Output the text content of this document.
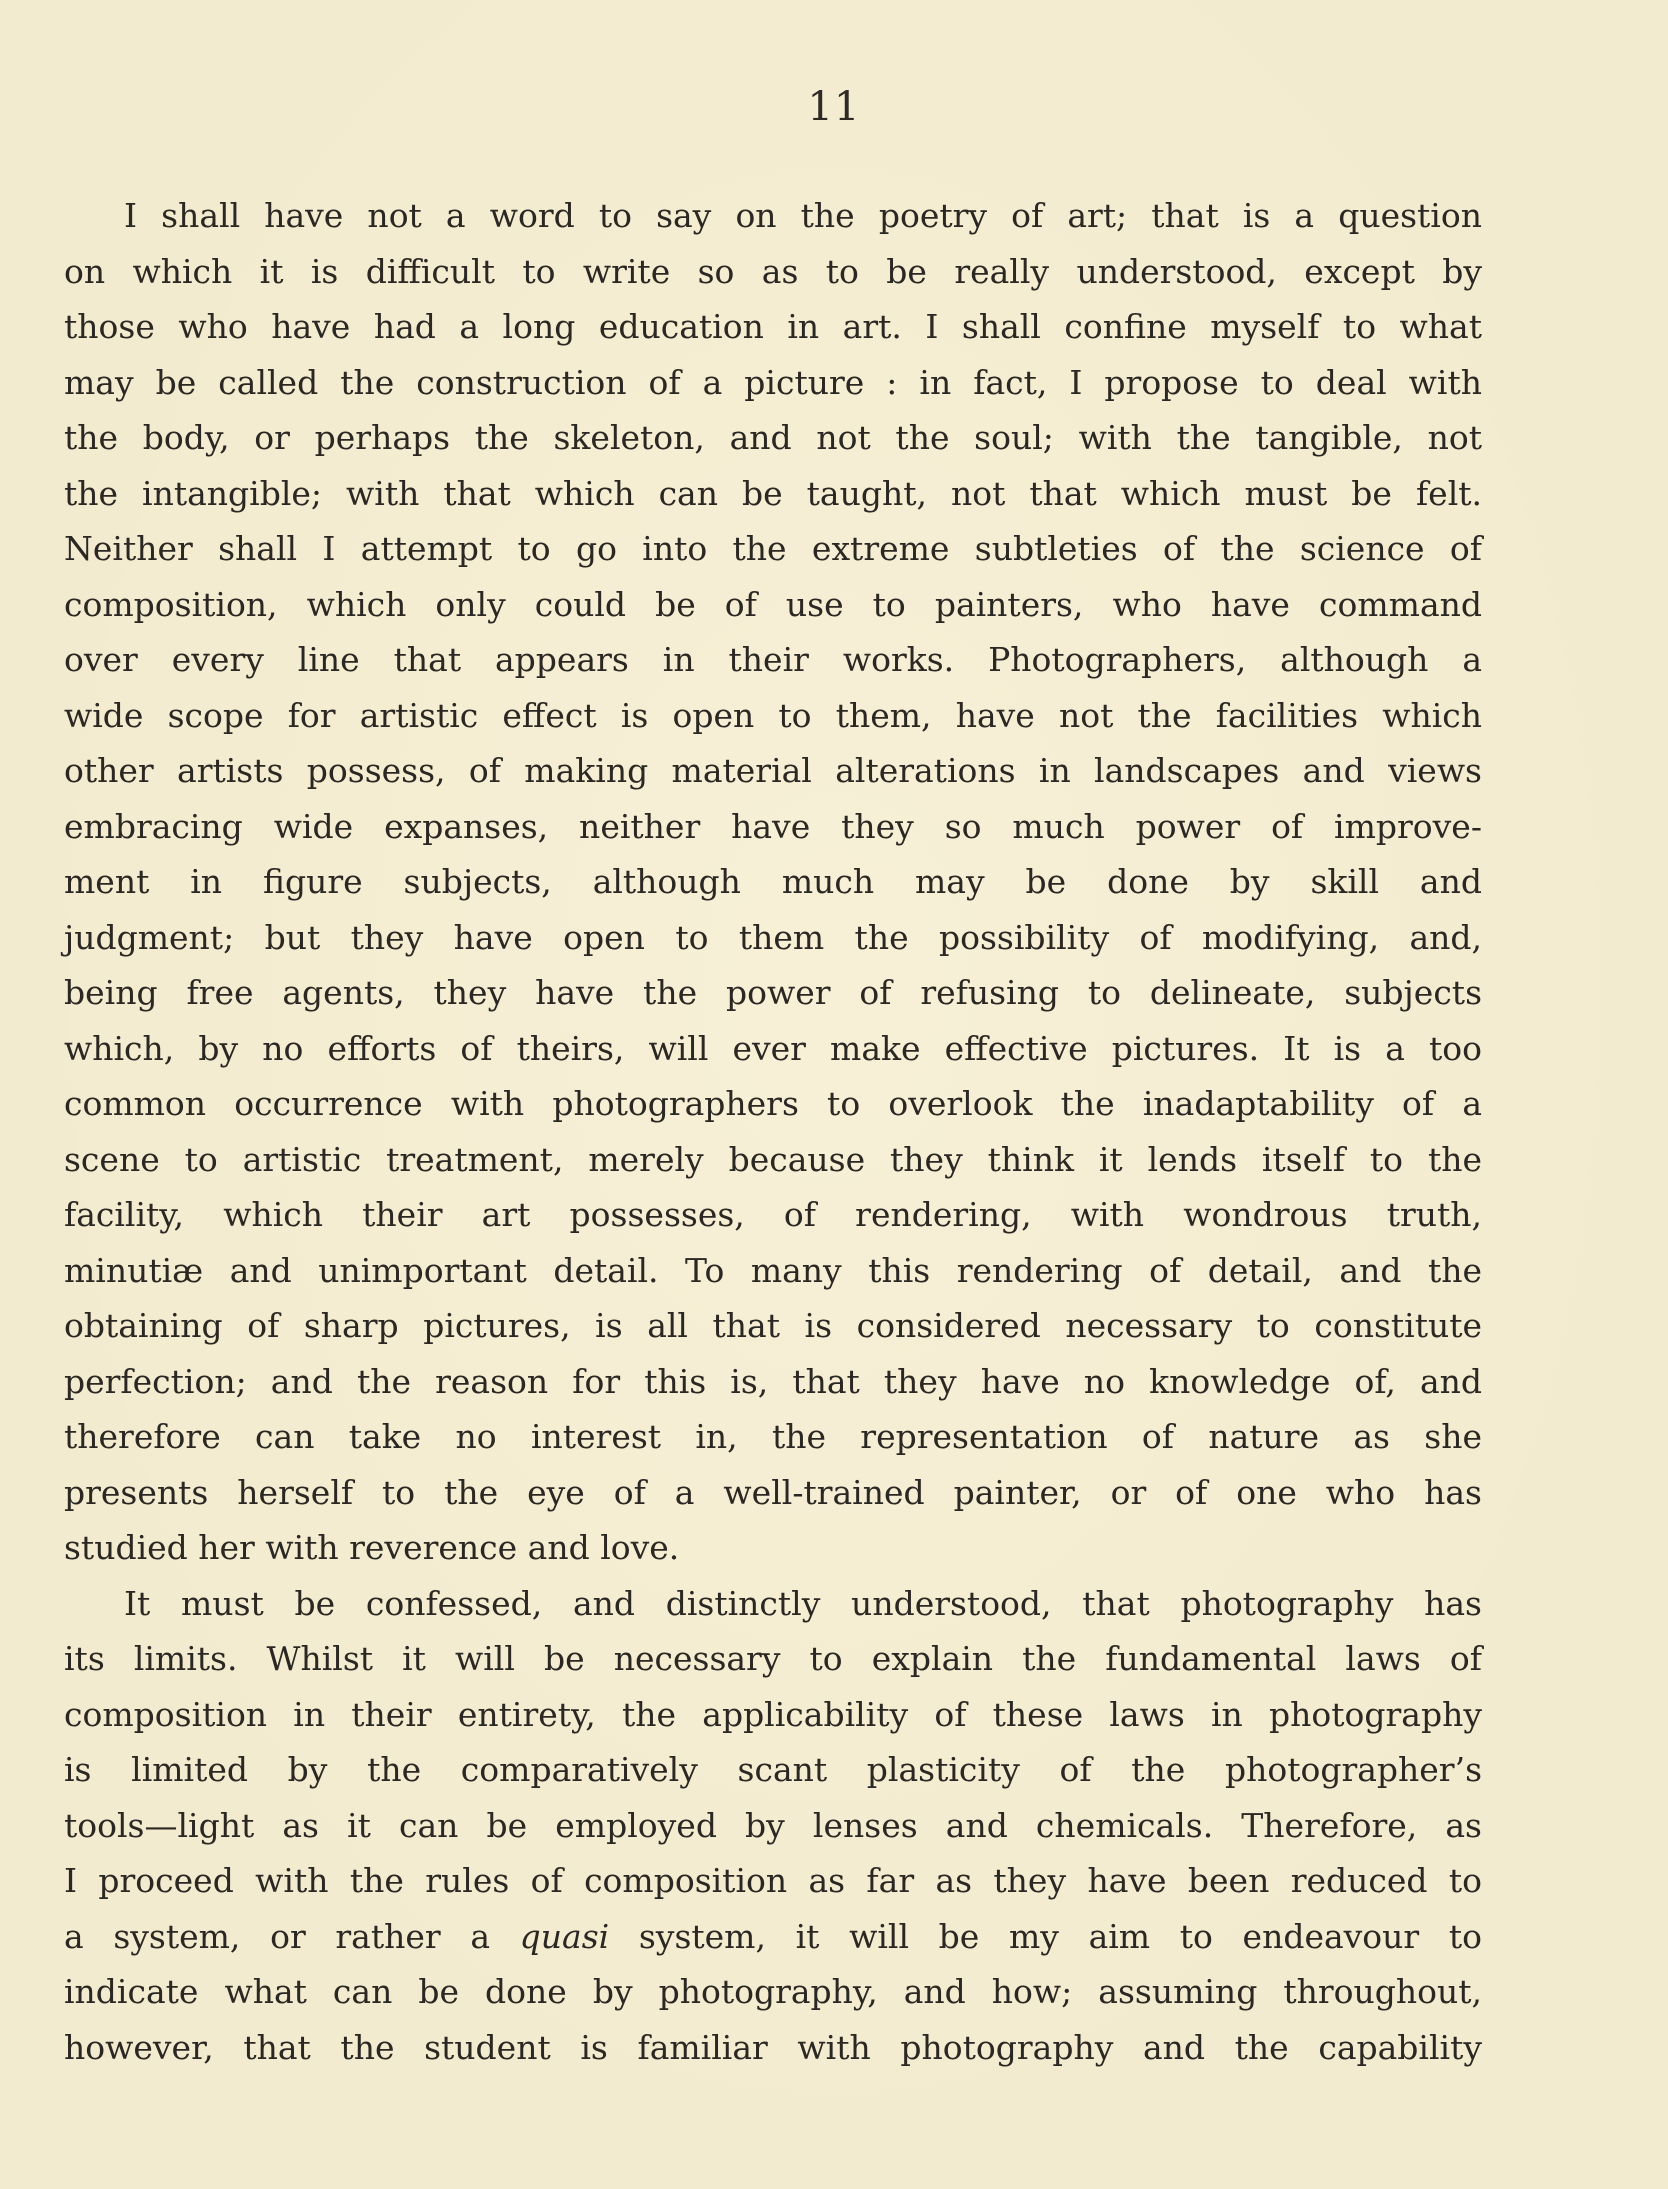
11
I shall have not a word to say on the poetry of art; that is a question
on which it is difficult to write so as to be really understood, except by
those who have had a long education in art. I shall confine myself to what
may be called the construction of a picture : in fact, I propose to deal with
the body, or perhaps the skeleton, and not the soul; with the tangible, not
the intangible; with that which can be taught, not that which must be felt.
Neither shall I attempt to go into the extreme subtleties of the science of
composition, which only could be of use to painters, who have command
over every line that appears in their works. Photographers, although a
wide scope for artistic effect is open to them, have not the facilities which
other artists possess, of making material alterations in landscapes and views
embracing wide expanses, neither have they so much power of improve-
ment in figure subjects, although much may be done by skill and
judgment; but they have open to them the possibility of modifying, and,
being free agents, they have the power of refusing to delineate, subjects
which, by no efforts of theirs, will ever make effective pictures. It is a too
common occurrence with photographers to overlook the inadaptability of a
scene to artistic treatment, merely because they think it lends itself to the
facility, which their art possesses, of rendering, with wondrous truth,
minutiæ and unimportant detail. To many this rendering of detail, and the
obtaining of sharp pictures, is all that is considered necessary to constitute
perfection; and the reason for this is, that they have no knowledge of, and
therefore can take no interest in, the representation of nature as she
presents herself to the eye of a well-trained painter, or of one who has
studied her with reverence and love.
It must be confessed, and distinctly understood, that photography has
its limits. Whilst it will be necessary to explain the fundamental laws of
composition in their entirety, the applicability of these laws in photography
is limited by the comparatively scant plasticity of the photographer’s
tools—light as it can be employed by lenses and chemicals. Therefore, as
I proceed with the rules of composition as far as they have been reduced to
a system, or rather a quasi system, it will be my aim to endeavour to
indicate what can be done by photography, and how; assuming throughout,
however, that the student is familiar with photography and the capability
